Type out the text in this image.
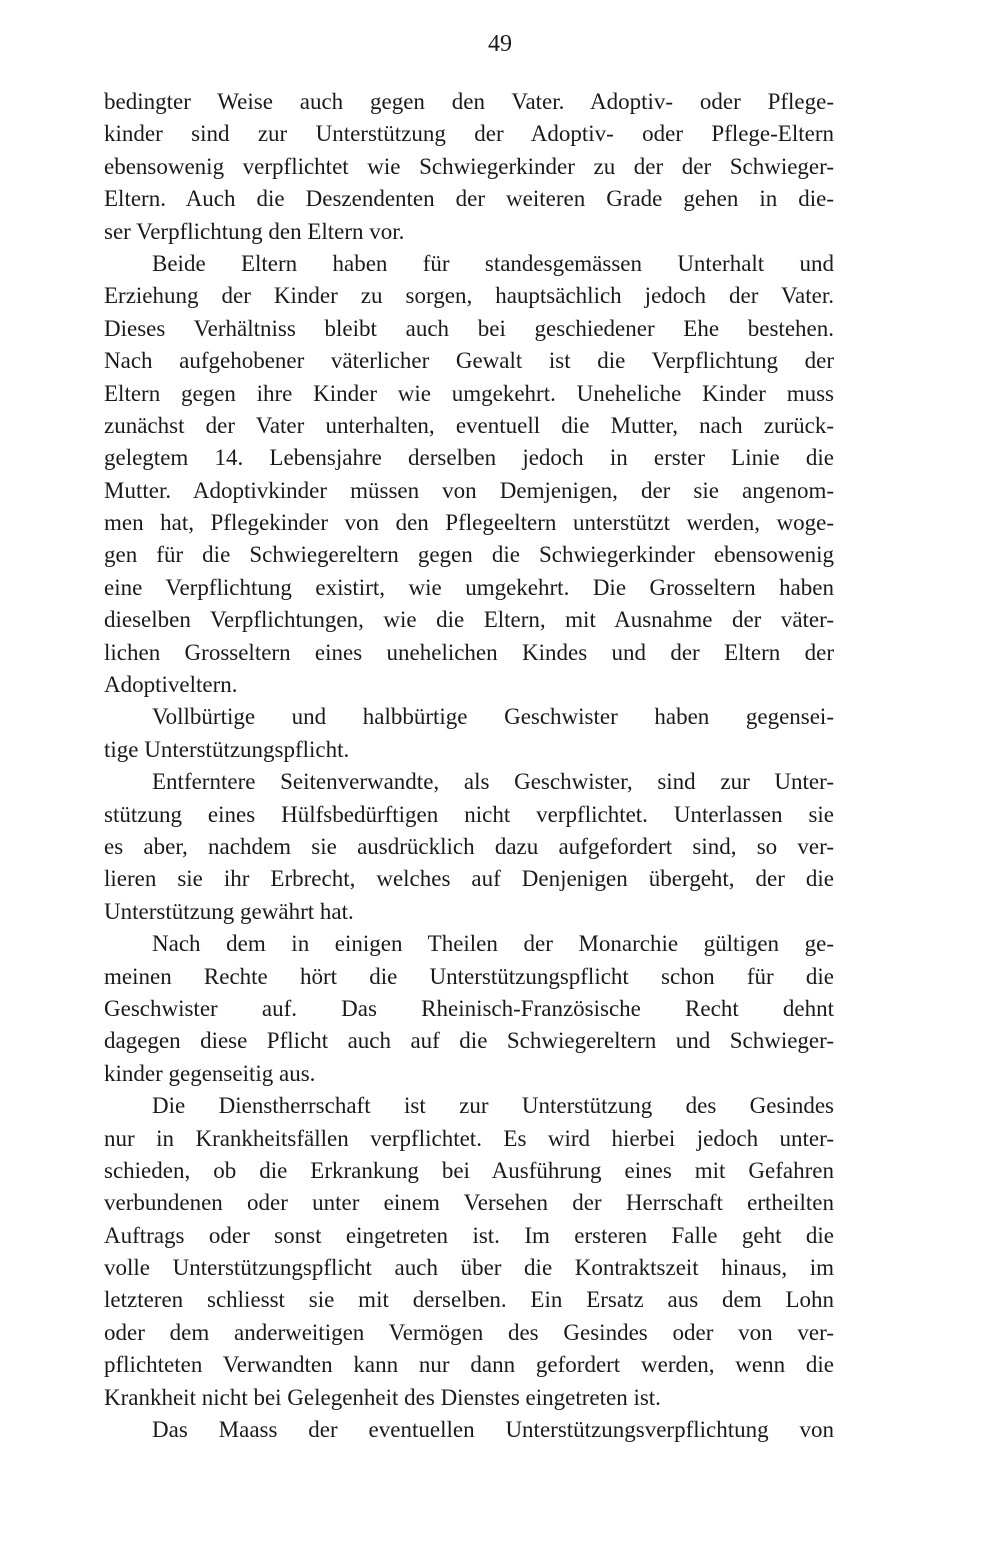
49
bedingter Weise auch gegen den Vater. Adoptiv- oder Pflege-
kinder sind zur Unterstützung der Adoptiv- oder Pflege-Eltern
ebensowenig verpflichtet wie Schwiegerkinder zu der der Schwieger-
Eltern. Auch die Deszendenten der weiteren Grade gehen in die-
ser Verpflichtung den Eltern vor.
Beide Eltern haben für standesgemässen Unterhalt und
Erziehung der Kinder zu sorgen, hauptsächlich jedoch der Vater.
Dieses Verhältniss bleibt auch bei geschiedener Ehe bestehen.
Nach aufgehobener väterlicher Gewalt ist die Verpflichtung der
Eltern gegen ihre Kinder wie umgekehrt. Uneheliche Kinder muss
zunächst der Vater unterhalten, eventuell die Mutter, nach zurück-
gelegtem 14. Lebensjahre derselben jedoch in erster Linie die
Mutter. Adoptivkinder müssen von Demjenigen, der sie angenom-
men hat, Pflegekinder von den Pflegeeltern unterstützt werden, woge-
gen für die Schwiegereltern gegen die Schwiegerkinder ebensowenig
eine Verpflichtung existirt, wie umgekehrt. Die Grosseltern haben
dieselben Verpflichtungen, wie die Eltern, mit Ausnahme der väter-
lichen Grosseltern eines unehelichen Kindes und der Eltern der
Adoptiveltern.
Vollbürtige und halbbürtige Geschwister haben gegensei-
tige Unterstützungspflicht.
Entferntere Seitenverwandte, als Geschwister, sind zur Unter-
stützung eines Hülfsbedürftigen nicht verpflichtet. Unterlassen sie
es aber, nachdem sie ausdrücklich dazu aufgefordert sind, so ver-
lieren sie ihr Erbrecht, welches auf Denjenigen übergeht, der die
Unterstützung gewährt hat.
Nach dem in einigen Theilen der Monarchie gültigen ge-
meinen Rechte hört die Unterstützungspflicht schon für die
Geschwister auf. Das Rheinisch-Französische Recht dehnt
dagegen diese Pflicht auch auf die Schwiegereltern und Schwieger-
kinder gegenseitig aus.
Die Dienstherrschaft ist zur Unterstützung des Gesindes
nur in Krankheitsfällen verpflichtet. Es wird hierbei jedoch unter-
schieden, ob die Erkrankung bei Ausführung eines mit Gefahren
verbundenen oder unter einem Versehen der Herrschaft ertheilten
Auftrags oder sonst eingetreten ist. Im ersteren Falle geht die
volle Unterstützungspflicht auch über die Kontraktszeit hinaus, im
letzteren schliesst sie mit derselben. Ein Ersatz aus dem Lohn
oder dem anderweitigen Vermögen des Gesindes oder von ver-
pflichteten Verwandten kann nur dann gefordert werden, wenn die
Krankheit nicht bei Gelegenheit des Dienstes eingetreten ist.
Das Maass der eventuellen Unterstützungsverpflichtung von
